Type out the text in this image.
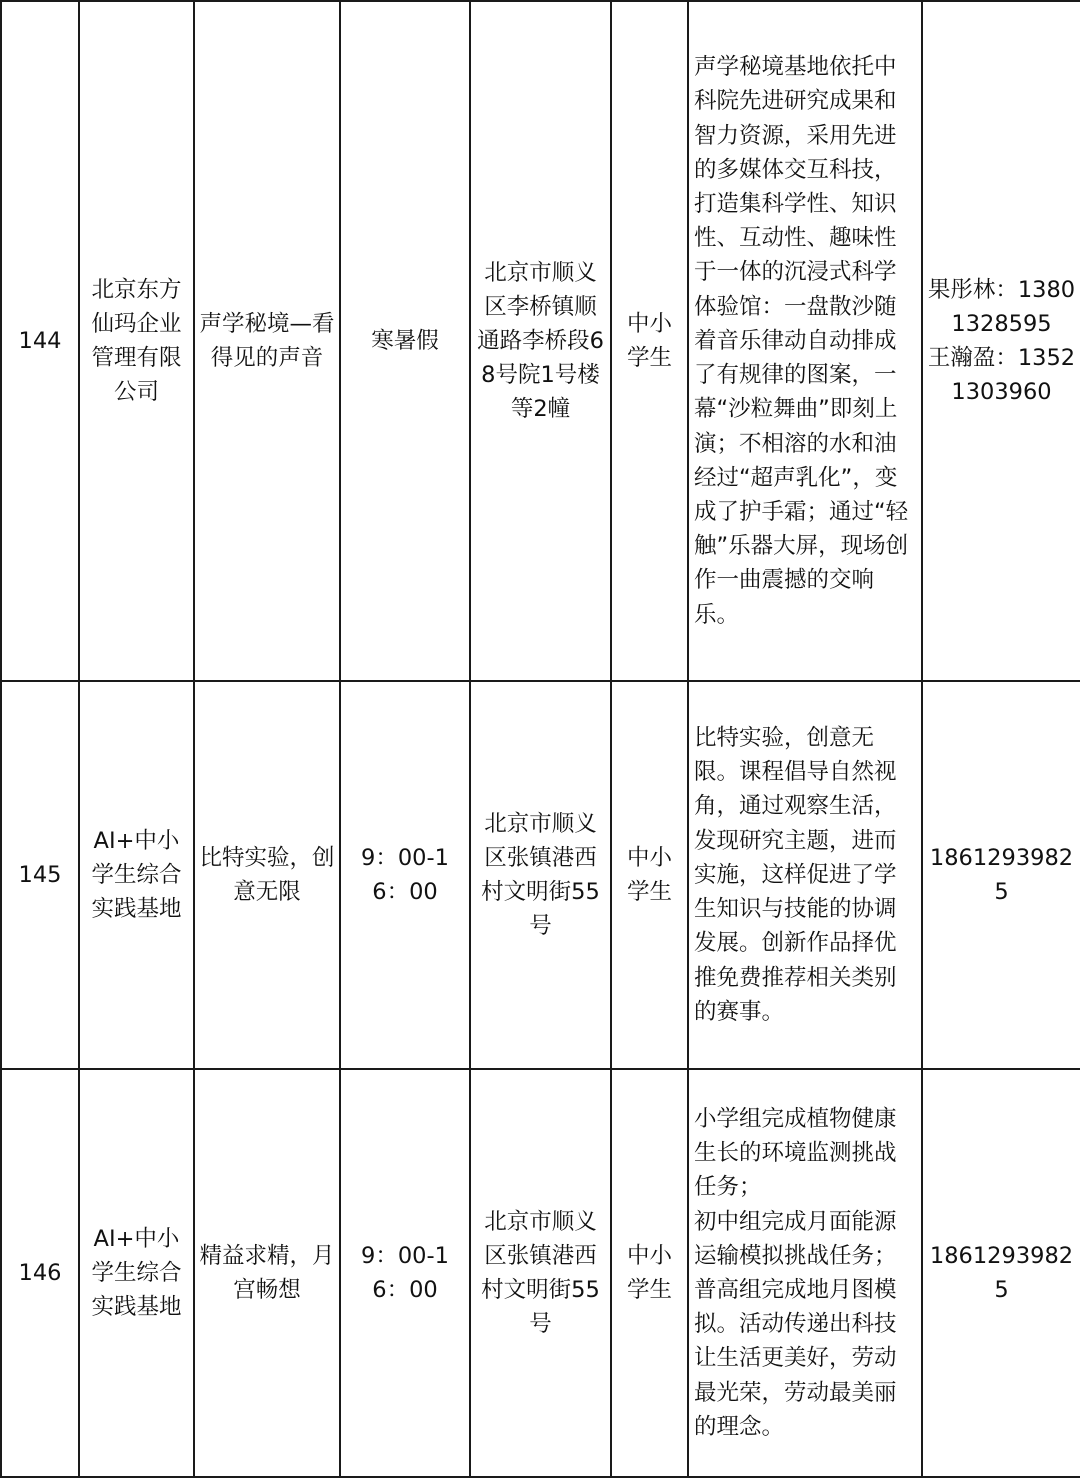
144	北京东方仙玛企业管理有限公司	声学秘境—看得见的声音	寒暑假	北京市顺义区李桥镇顺通路李桥段68号院1号楼等2幢	中小学生	声学秘境基地依托中科院先进研究成果和智力资源，采用先进的多媒体交互科技，打造集科学性、知识性、互动性、趣味性于一体的沉浸式科学体验馆：一盘散沙随着音乐律动自动排成了有规律的图案，一幕“沙粒舞曲”即刻上演；不相溶的水和油经过“超声乳化”，变成了护手霜；通过“轻触”乐器大屏，现场创作一曲震撼的交响乐。	果彤林：13801328595
王瀚盈：13521303960

145	AI+中小学生综合实践基地	比特实验，创意无限	9：00-16：00	北京市顺义区张镇港西村文明街55号	中小学生	比特实验，创意无限。课程倡导自然视角，通过观察生活，发现研究主题，进而实施，这样促进了学生知识与技能的协调发展。创新作品择优推免费推荐相关类别的赛事。	18612939825

146	AI+中小学生综合实践基地	精益求精，月宫畅想	9：00-16：00	北京市顺义区张镇港西村文明街55号	中小学生	小学组完成植物健康生长的环境监测挑战任务；
初中组完成月面能源运输模拟挑战任务；
普高组完成地月图模拟。活动传递出科技让生活更美好，劳动最光荣，劳动最美丽的理念。	18612939825
